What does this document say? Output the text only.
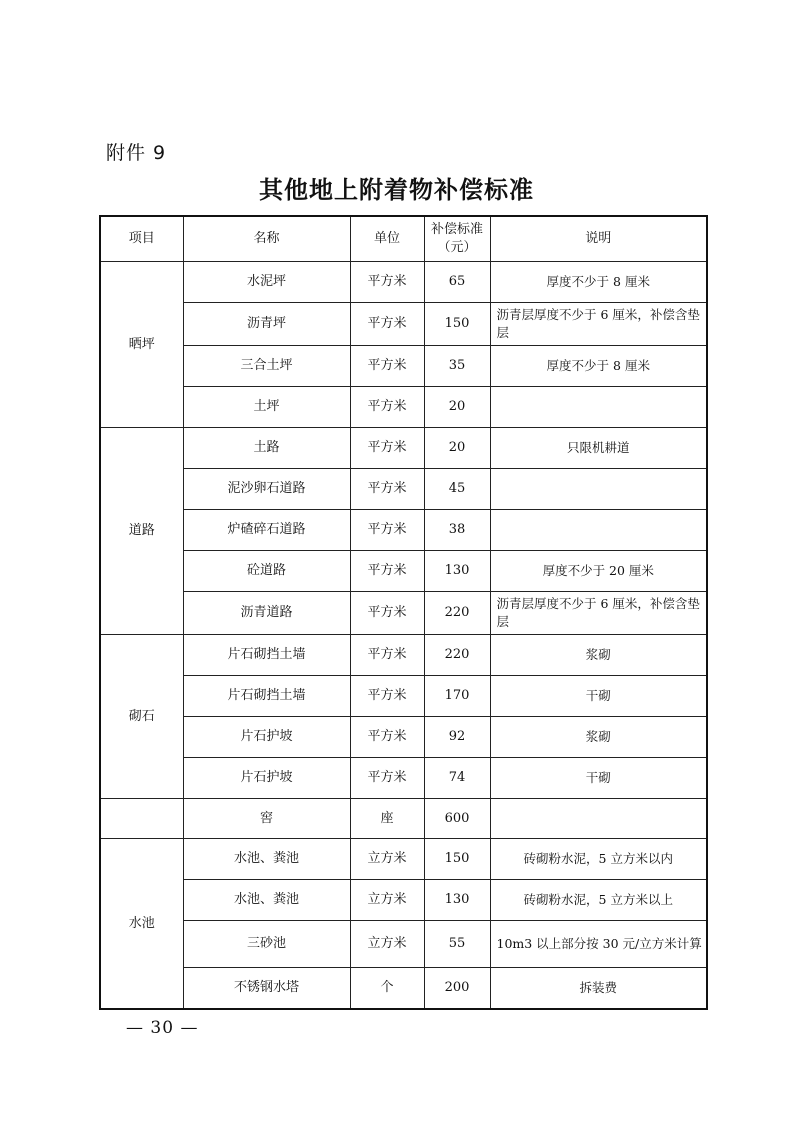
附件 9
其他地上附着物补偿标准
项目	名称	单位	补偿标准（元）	说明
晒坪	水泥坪	平方米	65	厚度不少于 8 厘米
	沥青坪	平方米	150	沥青层厚度不少于 6 厘米，补偿含垫层
	三合土坪	平方米	35	厚度不少于 8 厘米
	土坪	平方米	20	
道路	土路	平方米	20	只限机耕道
	泥沙卵石道路	平方米	45	
	炉碴碎石道路	平方米	38	
	砼道路	平方米	130	厚度不少于 20 厘米
	沥青道路	平方米	220	沥青层厚度不少于 6 厘米，补偿含垫层
砌石	片石砌挡土墙	平方米	220	浆砌
	片石砌挡土墙	平方米	170	干砌
	片石护坡	平方米	92	浆砌
	片石护坡	平方米	74	干砌
	窖	座	600	
水池	水池、粪池	立方米	150	砖砌粉水泥，5 立方米以内
	水池、粪池	立方米	130	砖砌粉水泥，5 立方米以上
	三砂池	立方米	55	10m3 以上部分按 30 元/立方米计算
	不锈钢水塔	个	200	拆装费
— 30 —
